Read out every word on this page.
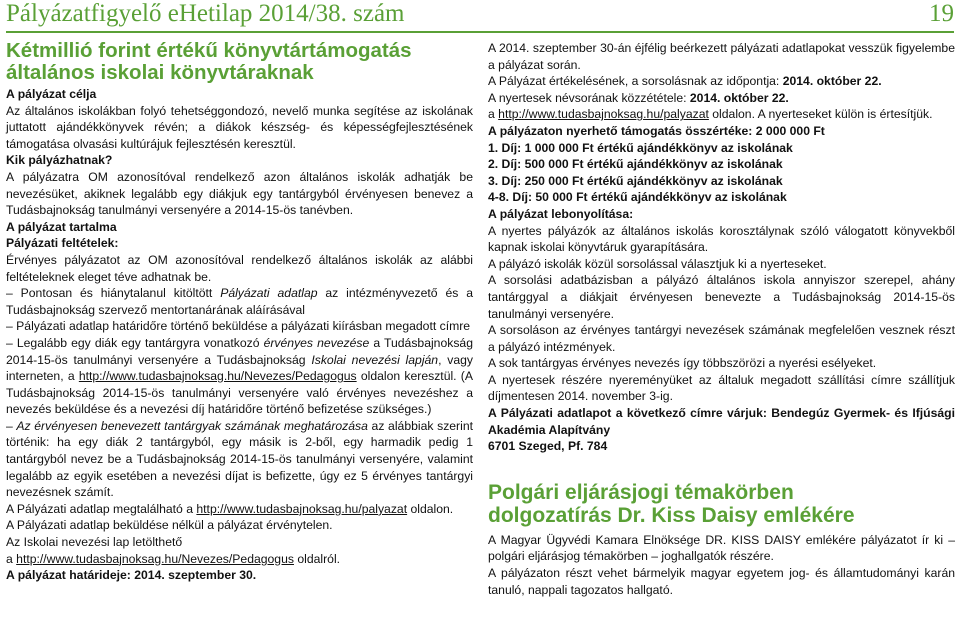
Pályázatfigyelő eHetilap 2014/38. szám	19
Kétmillió forint értékű könyvtártámogatás
általános iskolai könyvtáraknak

A pályázat célja

Az általános iskolákban folyó tehetséggondozó, nevelő munka segítése az iskolának juttatott ajándékkönyvek révén; a diákok készség- és képességfejlesztésének támogatása olvasási kultúrájuk fejlesztésén keresztül.

Kik pályázhatnak?

A pályázatra OM azonosítóval rendelkező azon általános iskolák adhatják be nevezésüket, akiknek legalább egy diákjuk egy tantárgyból érvényesen benevez a Tudásbajnokság tanulmányi versenyére a 2014-15-ös tanévben.

A pályázat tartalma

Pályázati feltételek:

Érvényes pályázatot az OM azonosítóval rendelkező általános iskolák az alábbi feltételeknek eleget téve adhatnak be.

– Pontosan és hiánytalanul kitöltött Pályázati adatlap az intézményvezető és a Tudásbajnokság szervező mentortanárának aláírásával

– Pályázati adatlap határidőre történő beküldése a pályázati kiírásban megadott címre

– Legalább egy diák egy tantárgyra vonatkozó érvényes nevezése a Tudásbajnokság 2014-15-ös tanulmányi versenyére a Tudásbajnokság Iskolai nevezési lapján, vagy interneten, a http://www.tudasbajnoksag.hu/Nevezes/Pedagogus oldalon keresztül. (A Tudásbajnokság 2014-15-ös tanulmányi versenyére való érvényes nevezéshez a nevezés beküldése és a nevezési díj határidőre történő befizetése szükséges.)

– Az érvényesen benevezett tantárgyak számának meghatározása az alábbiak szerint történik: ha egy diák 2 tantárgyból, egy másik is 2-ből, egy harmadik pedig 1 tantárgyból nevez be a Tudásbajnokság 2014-15-ös tanulmányi versenyére, valamint legalább az egyik esetében a nevezési díjat is befizette, úgy ez 5 érvényes tantárgyi nevezésnek számít.

A Pályázati adatlap megtalálható a http://www.tudasbajnoksag.hu/palyazat oldalon.

A Pályázati adatlap beküldése nélkül a pályázat érvénytelen.

Az Iskolai nevezési lap letölthető

a http://www.tudasbajnoksag.hu/Nevezes/Pedagogus oldalról.

A pályázat határideje: 2014. szeptember 30.

A 2014. szeptember 30-án éjfélig beérkezett pályázati adatlapokat vesszük figyelembe a pályázat során.

A Pályázat értékelésének, a sorsolásnak az időpontja: 2014. október 22.

A nyertesek névsorának közzététele: 2014. október 22.

a http://www.tudasbajnoksag.hu/palyazat oldalon. A nyerteseket külön is értesítjük.

A pályázaton nyerhető támogatás összértéke: 2 000 000 Ft

1. Díj: 1 000 000 Ft értékű ajándékkönyv az iskolának

2. Díj: 500 000 Ft értékű ajándékkönyv az iskolának

3. Díj: 250 000 Ft értékű ajándékkönyv az iskolának

4-8. Díj: 50 000 Ft értékű ajándékkönyv az iskolának

A pályázat lebonyolítása:

A nyertes pályázók az általános iskolás korosztálynak szóló válogatott könyvekből kapnak iskolai könyvtáruk gyarapítására.

A pályázó iskolák közül sorsolással választjuk ki a nyerteseket.

A sorsolási adatbázisban a pályázó általános iskola annyiszor szerepel, ahány tantárggyal a diákjait érvényesen benevezte a Tudásbajnokság 2014-15-ös tanulmányi versenyére.

A sorsoláson az érvényes tantárgyi nevezések számának megfelelően vesznek részt a pályázó intézmények.

A sok tantárgyas érvényes nevezés így többszörözi a nyerési esélyeket.

A nyertesek részére nyereményüket az általuk megadott szállítási címre szállítjuk díjmentesen 2014. november 3-ig.

A Pályázati adatlapot a következő címre várjuk: Bendegúz Gyermek- és Ifjúsági Akadémia Alapítvány

6701 Szeged, Pf. 784

Polgári eljárásjogi témakörben
dolgozatírás Dr. Kiss Daisy emlékére

A Magyar Ügyvédi Kamara Elnöksége DR. KISS DAISY emlékére pályázatot ír ki – polgári eljárásjog témakörben – joghallgatók részére.

A pályázaton részt vehet bármelyik magyar egyetem jog- és államtudományi karán tanuló, nappali tagozatos hallgató.
